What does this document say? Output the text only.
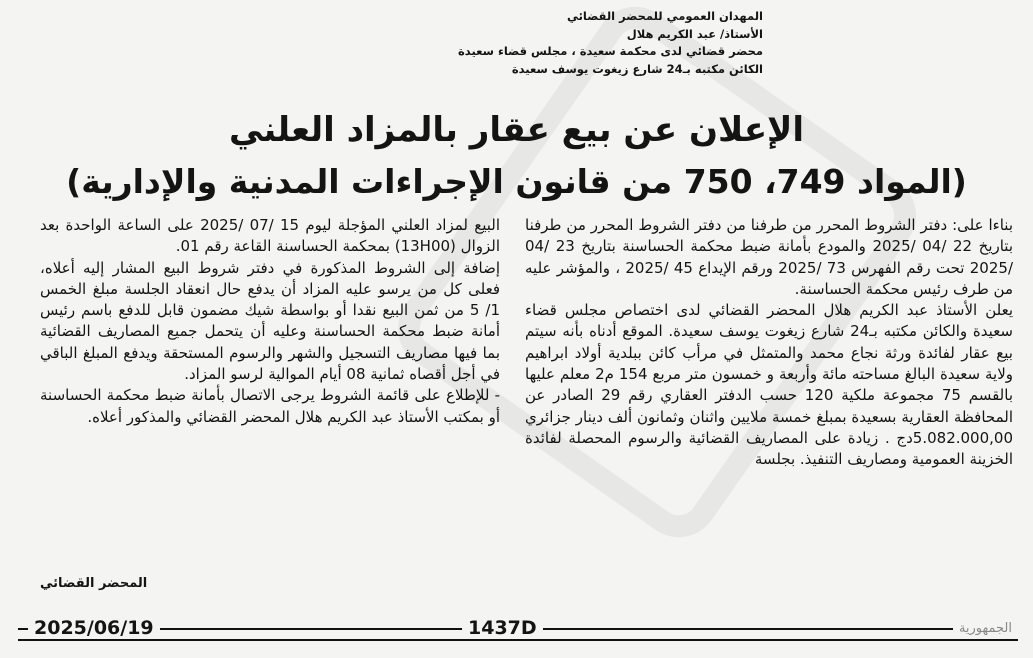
المهدان العمومي للمحضر القضائي
الأستاذ/ عبد الكريم هلال
محضر قضائي لدى محكمة سعيدة ، مجلس قضاء سعيدة
الكائن مكتبه بـ24 شارع زيغوت يوسف سعيدة
الإعلان عن بيع عقار بالمزاد العلني
(المواد 749، 750 من قانون الإجراءات المدنية والإدارية)

بناءا على: دفتر الشروط المحرر من طرفنا من دفتر الشروط المحرر من طرفنا بتاريخ 22 /04 /2025 والمودع بأمانة ضبط محكمة الحساسنة بتاريخ 23 /04 /2025 تحت رقم الفهرس 73 /2025 ورقم الإيداع 45 /2025 ، والمؤشر عليه من طرف رئيس محكمة الحساسنة.

يعلن الأستاذ عبد الكريم هلال المحضر القضائي لدى اختصاص مجلس قضاء سعيدة والكائن مكتبه بـ24 شارع زيغوت يوسف سعيدة. الموقع أدناه بأنه سيتم بيع عقار لفائدة ورثة نجاع محمد والمتمثل في مرأب كائن ببلدية أولاد ابراهيم ولاية سعيدة البالغ مساحته مائة وأربعة و خمسون متر مربع 154 م2 معلم عليها بالقسم 75 مجموعة ملكية 120 حسب الدفتر العقاري رقم 29 الصادر عن المحافظة العقارية بسعيدة بمبلغ خمسة ملايين واثنان وثمانون ألف دينار جزائري 5.082.000,00دج . زيادة على المصاريف القضائية والرسوم المحصلة لفائدة الخزينة العمومية ومصاريف التنفيذ. بجلسة

البيع لمزاد العلني المؤجلة ليوم 15 /07 /2025 على الساعة الواحدة بعد الزوال (13H00) بمحكمة الحساسنة القاعة رقم 01.

إضافة إلى الشروط المذكورة في دفتر شروط البيع المشار إليه أعلاه، فعلى كل من يرسو عليه المزاد أن يدفع حال انعقاد الجلسة مبلغ الخمس 1/ 5 من ثمن البيع نقدا أو بواسطة شيك مضمون قابل للدفع باسم رئيس أمانة ضبط محكمة الحساسنة وعليه أن يتحمل جميع المصاريف القضائية بما فيها مصاريف التسجيل والشهر والرسوم المستحقة ويدفع المبلغ الباقي في أجل أقصاه ثمانية 08 أيام الموالية لرسو المزاد.

- للإطلاع على قائمة الشروط يرجى الاتصال بأمانة ضبط محكمة الحساسنة أو بمكتب الأستاذ عبد الكريم هلال المحضر القضائي والمذكور أعلاه.

المحضر القضائي
2025/06/19	1437D	الجمهورية
